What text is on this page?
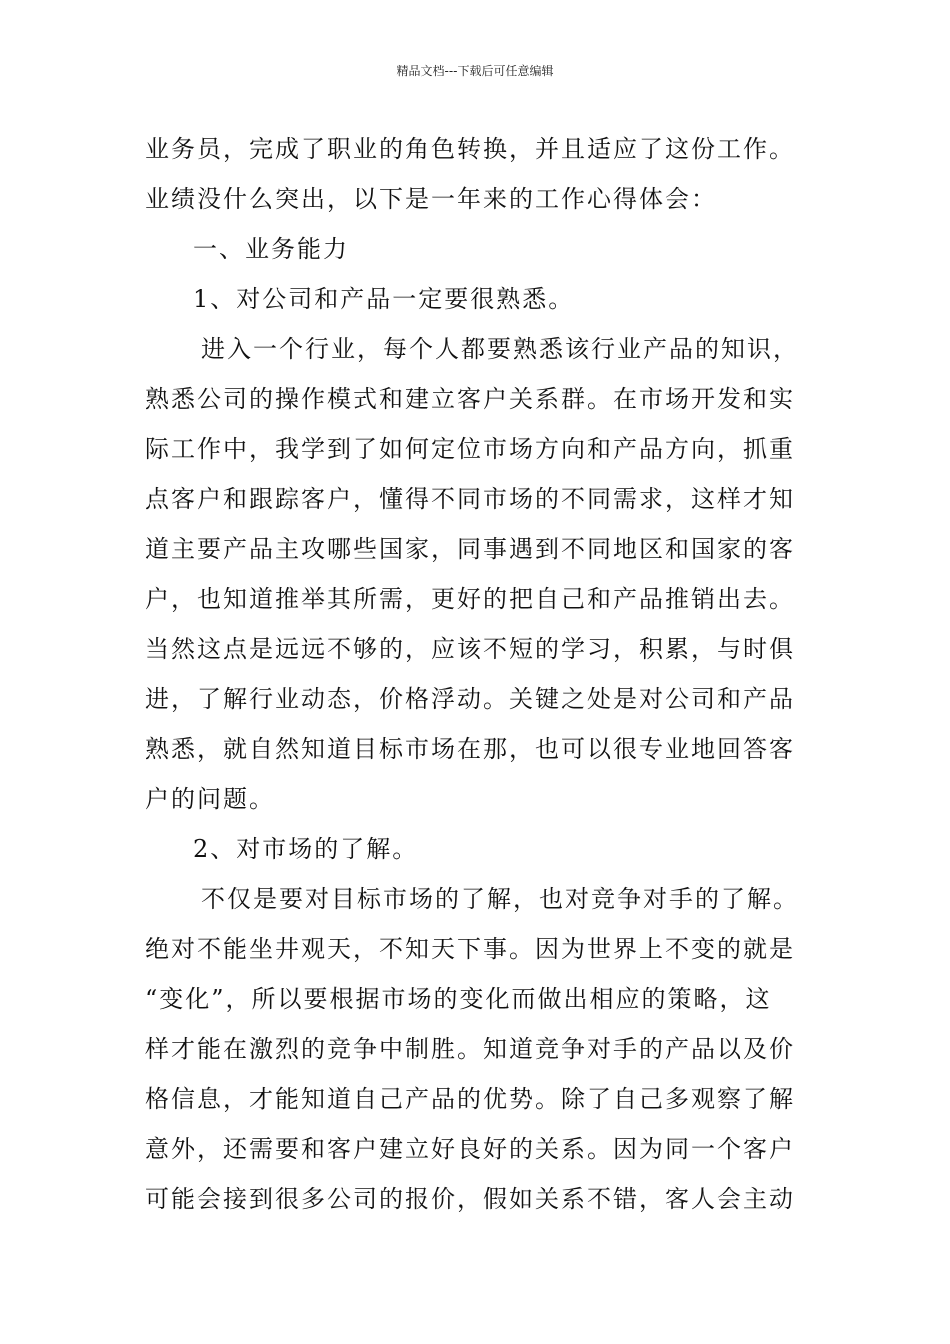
精品文档---下载后可任意编辑
业务员，完成了职业的角色转换，并且适应了这份工作。
业绩没什么突出，以下是一年来的工作心得体会：
一、业务能力
1、对公司和产品一定要很熟悉。
进入一个行业，每个人都要熟悉该行业产品的知识，
熟悉公司的操作模式和建立客户关系群。在市场开发和实
际工作中，我学到了如何定位市场方向和产品方向，抓重
点客户和跟踪客户，懂得不同市场的不同需求，这样才知
道主要产品主攻哪些国家，同事遇到不同地区和国家的客
户，也知道推举其所需，更好的把自己和产品推销出去。
当然这点是远远不够的，应该不短的学习，积累，与时俱
进，了解行业动态，价格浮动。关键之处是对公司和产品
熟悉，就自然知道目标市场在那，也可以很专业地回答客
户的问题。
2、对市场的了解。
不仅是要对目标市场的了解，也对竞争对手的了解。
绝对不能坐井观天，不知天下事。因为世界上不变的就是
“变化”，所以要根据市场的变化而做出相应的策略，这
样才能在激烈的竞争中制胜。知道竞争对手的产品以及价
格信息，才能知道自己产品的优势。除了自己多观察了解
意外，还需要和客户建立好良好的关系。因为同一个客户
可能会接到很多公司的报价，假如关系不错，客人会主动
